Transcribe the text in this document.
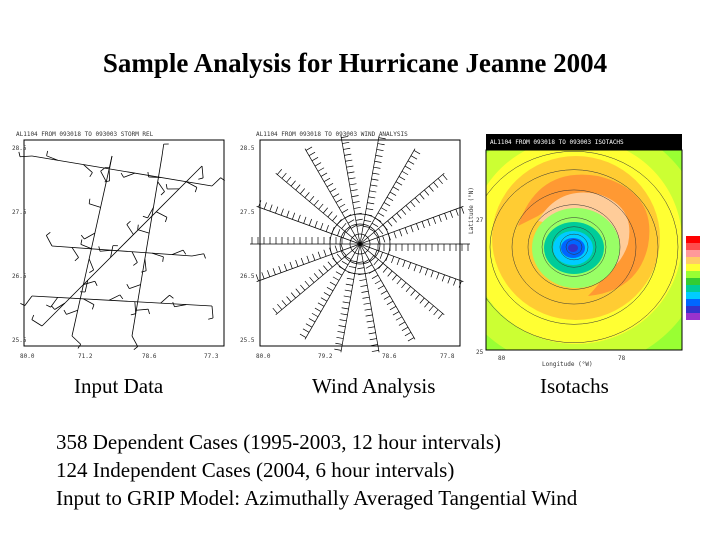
Sample Analysis for Hurricane Jeanne 2004
AL1104 FROM 093018 TO 093003 STORM REL
28.5
27.5
26.5
25.5
80.0	71.2	78.6	77.3
AL1104 FROM 093018 TO 093003 WIND ANALYSIS
28.5
27.5
26.5
25.5
80.0	79.2	78.6	77.8
AL1104 FROM 093018 TO 093003 ISOTACHS
Latitude (°N) 27
25
80	78
Longitude (°W)
Input Data	Wind Analysis	Isotachs
358 Dependent Cases (1995-2003, 12 hour intervals)
124 Independent Cases (2004, 6 hour intervals)
Input to GRIP Model: Azimuthally Averaged Tangential Wind
